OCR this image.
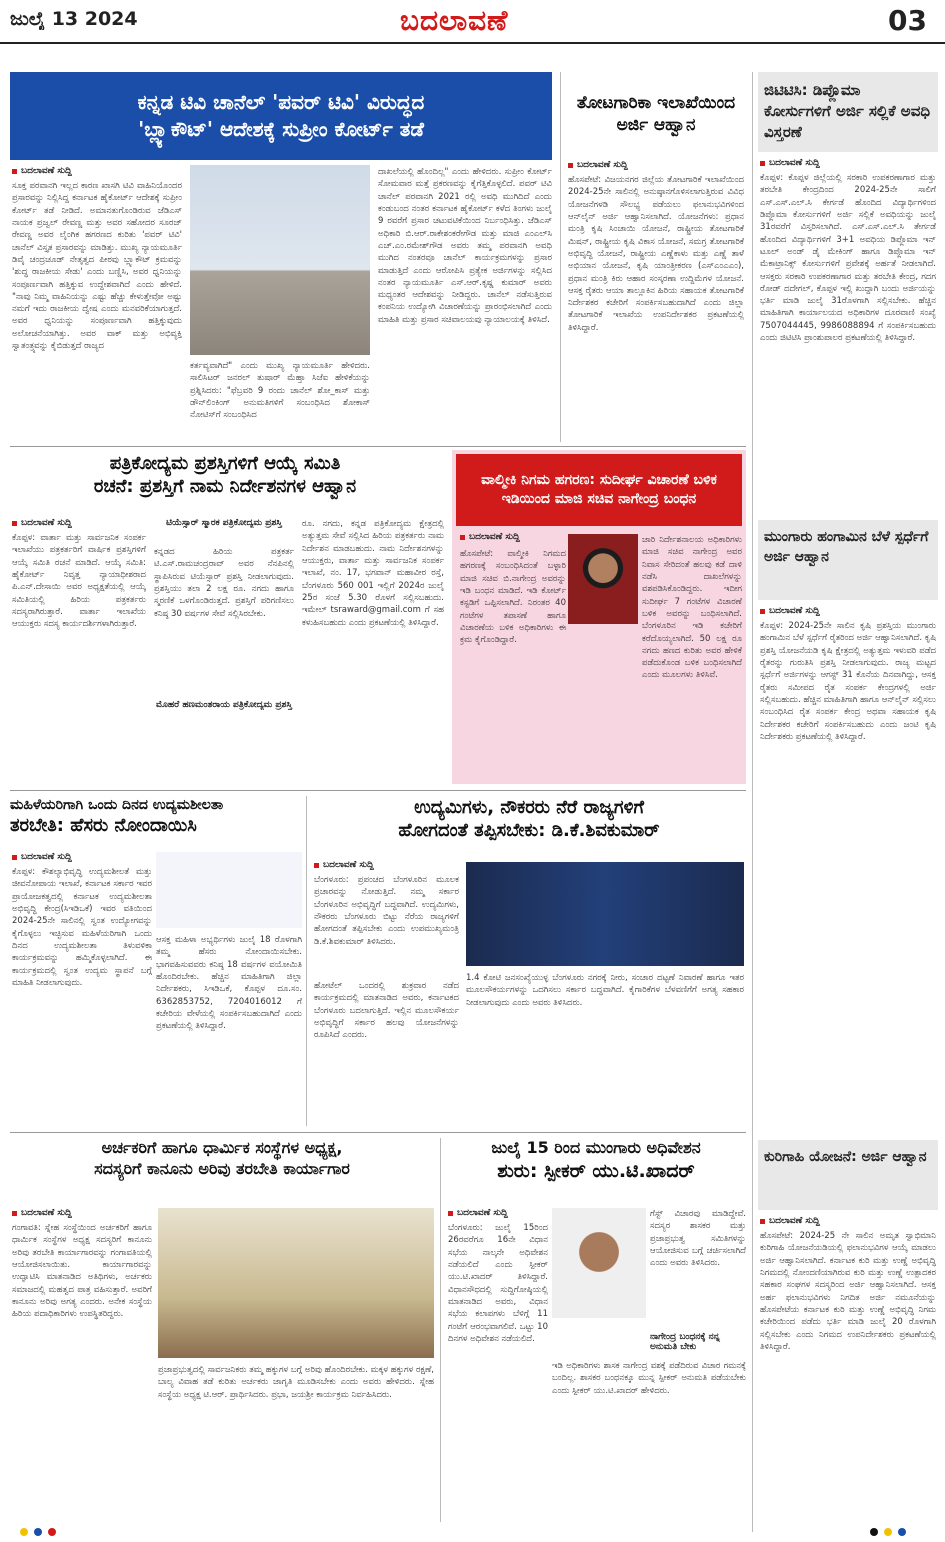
ಜುಲೈ 13 2024	ಬದಲಾವಣೆ	03
ಕನ್ನಡ ಟಿವಿ ಚಾನೆಲ್ 'ಪವರ್ ಟಿವಿ' ವಿರುದ್ಧದ
'ಬ್ಲ್ಯಾಕೌಟ್' ಆದೇಶಕ್ಕೆ ಸುಪ್ರೀಂ ಕೋರ್ಟ್ ತಡೆ
ಬದಲಾವಣೆ ಸುದ್ದಿ
ಸೂಕ್ತ ಪರವಾನಗಿ ಇಲ್ಲದ ಕಾರಣ ಖಾಸಗಿ ಟಿವಿ ವಾಹಿನಿಯೊಂದರ ಪ್ರಸಾರವನ್ನು ನಿಲ್ಲಿಸಿದ್ದ ಕರ್ನಾಟಕ ಹೈಕೋರ್ಟ್ ಆದೇಶಕ್ಕೆ ಸುಪ್ರೀಂ ಕೋರ್ಟ್ ತಡೆ ನೀಡಿದೆ. ಅಮಾನತುಗೊಂಡಿರುವ ಜೆಡಿಎಸ್ ನಾಯಕ ಪ್ರಜ್ವಲ್ ರೇವಣ್ಣ ಮತ್ತು ಅವರ ಸಹೋದರ ಸೂರಜ್ ರೇವಣ್ಣ ಅವರ ಲೈಂಗಿಕ ಹಗರಣದ ಕುರಿತು 'ಪವರ್ ಟಿವಿ' ಚಾನೆಲ್ ವಿಸ್ತೃತ ಪ್ರಸಾರವನ್ನು ಮಾಡಿತ್ತು. ಮುಖ್ಯ ನ್ಯಾಯಮೂರ್ತಿ ಡಿವೈ ಚಂದ್ರಚೂಡ್ ನೇತೃತ್ವದ ಪೀಠವು ಬ್ಲ್ಯಾಕೌಟ್ ಕ್ರಮವನ್ನು 'ಶುದ್ಧ ರಾಜಕೀಯ ಸೇಡು' ಎಂದು ಬಣ್ಣಿಸಿ, ಅವರ ಧ್ವನಿಯನ್ನು ಸಂಪೂರ್ಣವಾಗಿ ಹತ್ತಿಕ್ಕುವ ಉದ್ದೇಶವಾಗಿದೆ ಎಂದು ಹೇಳಿದೆ. "ನಾವು ನಿಮ್ಮ ವಾಹಿನಿಯನ್ನು ಎಷ್ಟು ಹೆಚ್ಚು ಕೇಳುತ್ತೇವೋ ಅಷ್ಟು ನಮಗೆ ಇದು ರಾಜಕೀಯ ದ್ವೇಷ ಎಂದು ಮನವರಿಕೆಯಾಗುತ್ತದೆ. ಅವರ ಧ್ವನಿಯನ್ನು ಸಂಪೂರ್ಣವಾಗಿ ಹತ್ತಿಕ್ಕುವುದು ಅಲೋಚನೆಯಾಗಿತ್ತು. ಅವರ ವಾಕ್ ಮತ್ತು ಅಭಿವ್ಯಕ್ತಿ ಸ್ವಾತಂತ್ರ್ಯವನ್ನು ಕೈಬಿಡುತ್ತದೆ ರಾಜ್ಯದ
ಕರ್ತವ್ಯವಾಗಿದೆ" ಎಂದು ಮುಖ್ಯ ನ್ಯಾಯಮೂರ್ತಿ ಹೇಳಿದರು. ಸಾಲಿಸಿಟರ್ ಜನರಲ್ ತುಷಾರ್ ಮೆಹ್ತಾ ಸಿಜೆಐ ಹೇಳಿಕೆಯನ್ನು ಪ್ರಶ್ನಿಸಿದರು: "ಫೆಬ್ರವರಿ 9 ರಂದು ಚಾನೆಲ್ ಶೋ_ಕಾಸ್ ಮತ್ತು ಡೌನ್‌ಲಿಂಕಿಂಗ್ ಅನುಮತಿಗಳಿಗೆ ಸಂಬಂಧಿಸಿದ ಶೋಕಾಸ್ ನೋಟಿಸ್‌ಗೆ ಸಂಬಂಧಿಸಿದ
ದಾಖಲೆಯಲ್ಲಿ ಹೊಂದಿಲ್ಲ" ಎಂದು ಹೇಳಿದರು. ಸುಪ್ರೀಂ ಕೋರ್ಟ್ ಸೋಮವಾರ ಮತ್ತೆ ಪ್ರಕರಣವನ್ನು ಕೈಗೆತ್ತಿಕೊಳ್ಳಲಿದೆ. ಪವರ್ ಟಿವಿ ಚಾನೆಲ್ ಪರವಾನಗಿ 2021 ರಲ್ಲಿ ಅವಧಿ ಮುಗಿದಿದೆ ಎಂದು ಕಂಡುಬಂದ ನಂತರ ಕರ್ನಾಟಕ ಹೈಕೋರ್ಟ್ ಕಳೆದ ತಿಂಗಳು ಜುಲೈ 9 ರವರೆಗೆ ಪ್ರಸಾರ ಚಟುವಟಿಕೆಯಿಂದ ನಿರ್ಬಂಧಿಸಿತ್ತು. ಜೆಡಿಎಸ್ ಅಧಿಕಾರಿ ಬಿ.ಆರ್.ರಾಕೇಶಂಕರೇಗೌಡ ಮತ್ತು ಮಾಜಿ ಎಂಎಲ್‌ಸಿ ಎಚ್.ಎಂ.ರಮೇಶ್‌ಗೌಡ ಅವರು ತಮ್ಮ ಪರವಾನಗಿ ಅವಧಿ ಮುಗಿದ ನಂತರವೂ ಚಾನೆಲ್ ಕಾರ್ಯಕ್ರಮಗಳನ್ನು ಪ್ರಸಾರ ಮಾಡುತ್ತಿದೆ ಎಂದು ಆರೋಪಿಸಿ ಪ್ರತ್ಯೇಕ ಅರ್ಜಿಗಳನ್ನು ಸಲ್ಲಿಸಿದ ನಂತರ ನ್ಯಾಯಮೂರ್ತಿ ಎಸ್.ಆರ್.ಕೃಷ್ಣ ಕುಮಾರ್ ಅವರು ಮಧ್ಯಂತರ ಆದೇಶವನ್ನು ನೀಡಿದ್ದರು. ಚಾನೆಲ್ ನಡೆಸುತ್ತಿರುವ ಕಂಪನಿಯ ಉದ್ಯೋಗಿ ವಿಚಾರಣೆಯನ್ನು ಪ್ರಾರಂಭಿಸಲಾಗಿದೆ ಎಂದು ಮಾಹಿತಿ ಮತ್ತು ಪ್ರಸಾರ ಸಚಿವಾಲಯವು ನ್ಯಾಯಾಲಯಕ್ಕೆ ತಿಳಿಸಿದೆ.
ತೋಟಗಾರಿಕಾ ಇಲಾಖೆಯಿಂದ ಅರ್ಜಿ ಆಹ್ವಾನ
ಬದಲಾವಣೆ ಸುದ್ದಿ
ಹೊಸಪೇಟೆ: ವಿಜಯನಗರ ಜಿಲ್ಲೆಯ ತೋಟಗಾರಿಕೆ ಇಲಾಖೆಯಿಂದ 2024-25ನೇ ಸಾಲಿನಲ್ಲಿ ಅನುಷ್ಠಾನಗೊಳಿಸಲಾಗುತ್ತಿರುವ ವಿವಿಧ ಯೋಜನೆಗಳಡಿ ಸೌಲಭ್ಯ ಪಡೆಯಲು ಫಲಾನುಭವಿಗಳಿಂದ ಆನ್‌ಲೈನ್ ಅರ್ಜಿ ಆಹ್ವಾನಿಸಲಾಗಿದೆ. ಯೋಜನೆಗಳು: ಪ್ರಧಾನ ಮಂತ್ರಿ ಕೃಷಿ ಸಿಂಚಾಯಿ ಯೋಜನೆ, ರಾಷ್ಟ್ರೀಯ ತೋಟಗಾರಿಕೆ ಮಿಷನ್, ರಾಷ್ಟ್ರೀಯ ಕೃಷಿ ವಿಕಾಸ ಯೋಜನೆ, ಸಮಗ್ರ ತೋಟಗಾರಿಕೆ ಅಭಿವೃದ್ಧಿ ಯೋಜನೆ, ರಾಷ್ಟ್ರೀಯ ಎಣ್ಣೆಕಾಳು ಮತ್ತು ಎಣ್ಣೆ ತಾಳೆ ಅಭಿಯಾನ ಯೋಜನೆ, ಕೃಷಿ ಯಾಂತ್ರೀಕರಣ (ಎಸ್‌ಎಂಎಎಂ), ಪ್ರಧಾನ ಮಂತ್ರಿ ಕಿರು ಆಹಾರ ಸಂಸ್ಕರಣಾ ಉದ್ದಿಮೆಗಳ ಯೋಜನೆ. ಆಸಕ್ತ ರೈತರು ಆಯಾ ತಾಲ್ಲೂಕಿನ ಹಿರಿಯ ಸಹಾಯಕ ತೋಟಗಾರಿಕೆ ನಿರ್ದೇಶಕರ ಕಚೇರಿಗೆ ಸಂಪರ್ಕಿಸಬಹುದಾಗಿದೆ ಎಂದು ಜಿಲ್ಲಾ ತೋಟಗಾರಿಕೆ ಇಲಾಖೆಯ ಉಪನಿರ್ದೇಶಕರ ಪ್ರಕಟಣೆಯಲ್ಲಿ ತಿಳಿಸಿದ್ದಾರೆ.
ಜಿಟಿಟಿಸಿ: ಡಿಪ್ಲೊಮಾ ಕೋರ್ಸುಗಳಿಗೆ ಅರ್ಜಿ ಸಲ್ಲಿಕೆ ಅವಧಿ ವಿಸ್ತರಣೆ
ಬದಲಾವಣೆ ಸುದ್ದಿ
ಕೊಪ್ಪಳ: ಕೊಪ್ಪಳ ಜಿಲ್ಲೆಯಲ್ಲಿ ಸರಕಾರಿ ಉಪಕರಣಾಗಾರ ಮತ್ತು ತರಬೇತಿ ಕೇಂದ್ರದಿಂದ 2024-25ನೇ ಸಾಲಿಗೆ ಎಸ್.ಎಸ್.ಎಲ್.ಸಿ ಕೇರ್ಗಡೆ ಹೊಂದಿದ ವಿದ್ಯಾರ್ಥಿಗಳಿಂದ ಡಿಪ್ಲೊಮಾ ಕೋರ್ಸುಗಳಿಗೆ ಅರ್ಜಿ ಸಲ್ಲಿಕೆ ಅವಧಿಯನ್ನು ಜುಲೈ 31ರವರೆಗೆ ವಿಸ್ತರಿಸಲಾಗಿದೆ. ಎಸ್.ಎಸ್.ಎಲ್.ಸಿ ತೇರ್ಗಡೆ ಹೊಂದಿದ ವಿದ್ಯಾರ್ಥಿಗಳಿಗೆ 3+1 ಅವಧಿಯ ಡಿಪ್ಲೊಮಾ ಇನ್ ಟೂಲ್ ಅಂಡ್ ಡೈ ಮೇಕಿಂಗ್ ಹಾಗೂ ಡಿಪ್ಲೊಮಾ ಇನ್ ಮೆಕಾಟ್ರಾನಿಕ್ಸ್ ಕೋರ್ಸುಗಳಿಗೆ ಪ್ರವೇಶಕ್ಕೆ ಅರ್ಹತೆ ನೀಡಲಾಗಿದೆ. ಆಸಕ್ತರು ಸರಕಾರಿ ಉಪಕರಣಾಗಾರ ಮತ್ತು ತರಬೇತಿ ಕೇಂದ್ರ, ಗದಗ ರೋಡ್ ದದೇಗಲ್, ಕೊಪ್ಪಳ ಇಲ್ಲಿ ಖುದ್ದಾಗಿ ಬಂದು ಅರ್ಜಿಯನ್ನು ಭರ್ತಿ ಮಾಡಿ ಜುಲೈ 31ರೊಳಗಾಗಿ ಸಲ್ಲಿಸಬೇಕು. ಹೆಚ್ಚಿನ ಮಾಹಿತಿಗಾಗಿ ಕಾರ್ಯಾಲಯದ ಅಧಿಕಾರಿಗಳ ದೂರವಾಣಿ ಸಂಖ್ಯೆ 7507044445, 9986088894 ಗೆ ಸಂಪರ್ಕಿಸಬಹುದು ಎಂದು ಜಿಟಿಟಿಸಿ ಪ್ರಾಂಶುಪಾಲರ ಪ್ರಕಟಣೆಯಲ್ಲಿ ತಿಳಿಸಿದ್ದಾರೆ.
ಪತ್ರಿಕೋದ್ಯಮ ಪ್ರಶಸ್ತಿಗಳಿಗೆ ಆಯ್ಕೆ ಸಮಿತಿ
ರಚನೆ: ಪ್ರಶಸ್ತಿಗೆ ನಾಮ ನಿರ್ದೇಶನಗಳ ಆಹ್ವಾನ
ಬದಲಾವಣೆ ಸುದ್ದಿ
ಕೊಪ್ಪಳ: ವಾರ್ತಾ ಮತ್ತು ಸಾರ್ವಜನಿಕ ಸಂಪರ್ಕ ಇಲಾಖೆಯು ಪತ್ರಕರ್ತರಿಗೆ ವಾರ್ಷಿಕ ಪ್ರಶಸ್ತಿಗಳಿಗೆ ಆಯ್ಕೆ ಸಮಿತಿ ರಚನೆ ಮಾಡಿದೆ. ಆಯ್ಕೆ ಸಮಿತಿ: ಹೈಕೋರ್ಟ್ ನಿವೃತ್ತ ನ್ಯಾಯಾಧೀಶರಾದ ಪಿ.ಎನ್.ದೇಸಾಯಿ ಅವರ ಅಧ್ಯಕ್ಷತೆಯಲ್ಲಿ ಆಯ್ಕೆ ಸಮಿತಿಯಲ್ಲಿ ಹಿರಿಯ ಪತ್ರಕರ್ತರು ಸದಸ್ಯರಾಗಿರುತ್ತಾರೆ. ವಾರ್ತಾ ಇಲಾಖೆಯ ಆಯುಕ್ತರು ಸದಸ್ಯ ಕಾರ್ಯದರ್ಶಿಗಳಾಗಿರುತ್ತಾರೆ.
ಟಿಯೆಸ್ಸಾರ್ ಸ್ಮಾರಕ ಪತ್ರಿಕೋದ್ಯಮ ಪ್ರಶಸ್ತಿ
ಕನ್ನಡದ ಹಿರಿಯ ಪತ್ರಕರ್ತ ಟಿ.ಎಸ್.ರಾಮಚಂದ್ರರಾವ್ ಅವರ ನೆನಪಿನಲ್ಲಿ ಸ್ಥಾಪಿಸಿರುವ ಟಿಯೆಸ್ಸಾರ್ ಪ್ರಶಸ್ತಿ ನೀಡಲಾಗುವುದು. ಪ್ರಶಸ್ತಿಯು ತಲಾ 2 ಲಕ್ಷ ರೂ. ನಗದು ಹಾಗೂ ಸ್ಮರಣಿಕೆ ಒಳಗೊಂಡಿರುತ್ತದೆ. ಪ್ರಶಸ್ತಿಗೆ ಪರಿಗಣಿಸಲು ಕನಿಷ್ಠ 30 ವರ್ಷಗಳ ಸೇವೆ ಸಲ್ಲಿಸಿರಬೇಕು.
ಮೊಹರೆ ಹಣಮಂತರಾಯ ಪತ್ರಿಕೋದ್ಯಮ ಪ್ರಶಸ್ತಿ
ರೂ. ನಗದು, ಕನ್ನಡ ಪತ್ರಿಕೋದ್ಯಮ ಕ್ಷೇತ್ರದಲ್ಲಿ ಅತ್ಯುತ್ತಮ ಸೇವೆ ಸಲ್ಲಿಸಿದ ಹಿರಿಯ ಪತ್ರಕರ್ತರು ನಾಮ ನಿರ್ದೇಶನ ಮಾಡಬಹುದು. ನಾಮ ನಿರ್ದೇಶನಗಳನ್ನು ಆಯುಕ್ತರು, ವಾರ್ತಾ ಮತ್ತು ಸಾರ್ವಜನಿಕ ಸಂಪರ್ಕ ಇಲಾಖೆ, ನಂ. 17, ಭಗವಾನ್ ಮಹಾವೀರ ರಸ್ತೆ, ಬೆಂಗಳೂರು 560 001 ಇಲ್ಲಿಗೆ 2024ರ ಜುಲೈ 25ರ ಸಂಜೆ 5.30 ರೊಳಗೆ ಸಲ್ಲಿಸಬಹುದು. ಇಮೇಲ್ tsraward@gmail.com ಗೆ ಸಹ ಕಳುಹಿಸಬಹುದು ಎಂದು ಪ್ರಕಟಣೆಯಲ್ಲಿ ತಿಳಿಸಿದ್ದಾರೆ.
ವಾಲ್ಮೀಕಿ ನಿಗಮ ಹಗರಣ: ಸುದೀರ್ಘ ವಿಚಾರಣೆ ಬಳಿಕ ಇಡಿಯಿಂದ ಮಾಜಿ ಸಚಿವ ನಾಗೇಂದ್ರ ಬಂಧನ
ಬದಲಾವಣೆ ಸುದ್ದಿ
ಹೊಸಪೇಟೆ: ವಾಲ್ಮೀಕಿ ನಿಗಮದ ಹಗರಣಕ್ಕೆ ಸಂಬಂಧಿಸಿದಂತೆ ಬಳ್ಳಾರಿ ಮಾಜಿ ಸಚಿವ ಬಿ.ನಾಗೇಂದ್ರ ಅವರನ್ನು ಇಡಿ ಬಂಧನ ಮಾಡಿದೆ. ಇಡಿ ಕೋರ್ಟ್ ಕಸ್ಟಡಿಗೆ ಒಪ್ಪಿಸಲಾಗಿದೆ. ನಿರಂತರ 40 ಗಂಟೆಗಳ ತಪಾಸಣೆ ಹಾಗೂ ವಿಚಾರಣೆಯ ಬಳಿಕ ಅಧಿಕಾರಿಗಳು ಈ ಕ್ರಮ ಕೈಗೊಂಡಿದ್ದಾರೆ.
ಜಾರಿ ನಿರ್ದೇಶನಾಲಯ ಅಧಿಕಾರಿಗಳು ಮಾಜಿ ಸಚಿವ ನಾಗೇಂದ್ರ ಅವರ ನಿವಾಸ ಸೇರಿದಂತೆ ಹಲವು ಕಡೆ ದಾಳಿ ನಡೆಸಿ ದಾಖಲೆಗಳನ್ನು ವಶಪಡಿಸಿಕೊಂಡಿದ್ದರು. ಇದೀಗ ಸುದೀರ್ಘ 7 ಗಂಟೆಗಳ ವಿಚಾರಣೆ ಬಳಿಕ ಅವರನ್ನು ಬಂಧಿಸಲಾಗಿದೆ. ಬೆಂಗಳೂರಿನ ಇಡಿ ಕಚೇರಿಗೆ ಕರೆದೊಯ್ಯಲಾಗಿದೆ. 50 ಲಕ್ಷ ರೂ ನಗದು ಹಣದ ಕುರಿತು ಅವರ ಹೇಳಿಕೆ ಪಡೆದುಕೊಂಡ ಬಳಿಕ ಬಂಧಿಸಲಾಗಿದೆ ಎಂದು ಮೂಲಗಳು ತಿಳಿಸಿವೆ.
ಮುಂಗಾರು ಹಂಗಾಮಿನ ಬೆಳೆ ಸ್ಪರ್ಧೆಗೆ ಅರ್ಜಿ ಆಹ್ವಾನ
ಬದಲಾವಣೆ ಸುದ್ದಿ
ಕೊಪ್ಪಳ: 2024-25ನೇ ಸಾಲಿನ ಕೃಷಿ ಪ್ರಶಸ್ತಿಯ ಮುಂಗಾರು ಹಂಗಾಮಿನ ಬೆಳೆ ಸ್ಪರ್ಧೆಗೆ ರೈತರಿಂದ ಅರ್ಜಿ ಆಹ್ವಾನಿಸಲಾಗಿದೆ. ಕೃಷಿ ಪ್ರಶಸ್ತಿ ಯೋಜನೆಯಡಿ ಕೃಷಿ ಕ್ಷೇತ್ರದಲ್ಲಿ ಅತ್ಯುತ್ತಮ ಇಳುವರಿ ಪಡೆದ ರೈತರನ್ನು ಗುರುತಿಸಿ ಪ್ರಶಸ್ತಿ ನೀಡಲಾಗುವುದು. ರಾಜ್ಯ ಮಟ್ಟದ ಸ್ಪರ್ಧೆಗೆ ಅರ್ಜಿಗಳನ್ನು ಆಗಸ್ಟ್ 31 ಕೊನೆಯ ದಿನವಾಗಿದ್ದು, ಆಸಕ್ತ ರೈತರು ಸಮೀಪದ ರೈತ ಸಂಪರ್ಕ ಕೇಂದ್ರಗಳಲ್ಲಿ ಅರ್ಜಿ ಸಲ್ಲಿಸಬಹುದು. ಹೆಚ್ಚಿನ ಮಾಹಿತಿಗಾಗಿ ಹಾಗೂ ಆನ್‌ಲೈನ್ ಸಲ್ಲಿಸಲು ಸಂಬಂಧಿಸಿದ ರೈತ ಸಂಪರ್ಕ ಕೇಂದ್ರ ಅಥವಾ ಸಹಾಯಕ ಕೃಷಿ ನಿರ್ದೇಶಕರ ಕಚೇರಿಗೆ ಸಂಪರ್ಕಿಸಬಹುದು ಎಂದು ಜಂಟಿ ಕೃಷಿ ನಿರ್ದೇಶಕರು ಪ್ರಕಟಣೆಯಲ್ಲಿ ತಿಳಿಸಿದ್ದಾರೆ.
ಮಹಿಳೆಯರಿಗಾಗಿ ಒಂದು ದಿನದ ಉದ್ಯಮಶೀಲತಾ
ತರಬೇತಿ: ಹೆಸರು ನೋಂದಾಯಿಸಿ
ಬದಲಾವಣೆ ಸುದ್ದಿ
ಕೊಪ್ಪಳ: ಕೌಶಲ್ಯಾಭಿವೃದ್ಧಿ ಉದ್ಯಮಶೀಲತೆ ಮತ್ತು ಜೀವನೋಪಾಯ ಇಲಾಖೆ, ಕರ್ನಾಟಕ ಸರ್ಕಾರ ಇವರ ಪ್ರಾಯೋಜಕತ್ವದಲ್ಲಿ ಕರ್ನಾಟಕ ಉದ್ಯಮಶೀಲತಾ ಅಭಿವೃದ್ಧಿ ಕೇಂದ್ರ(ಸಿಇಡಿಒಕೆ) ಇವರ ವತಿಯಿಂದ 2024-25ನೇ ಸಾಲಿನಲ್ಲಿ ಸ್ವಂತ ಉದ್ಯೋಗವನ್ನು ಕೈಗೊಳ್ಳಲು ಇಚ್ಛಿಸುವ ಮಹಿಳೆಯರಿಗಾಗಿ ಒಂದು ದಿನದ ಉದ್ಯಮಶೀಲತಾ ತಿಳುವಳಿಕಾ ಕಾರ್ಯಕ್ರಮವನ್ನು ಹಮ್ಮಿಕೊಳ್ಳಲಾಗಿದೆ. ಈ ಕಾರ್ಯಕ್ರಮದಲ್ಲಿ ಸ್ವಂತ ಉದ್ಯಮ ಸ್ಥಾಪನೆ ಬಗ್ಗೆ ಮಾಹಿತಿ ನೀಡಲಾಗುವುದು.
ಆಸಕ್ತ ಮಹಿಳಾ ಅಭ್ಯರ್ಥಿಗಳು ಜುಲೈ 18 ರೊಳಗಾಗಿ ತಮ್ಮ ಹೆಸರು ನೋಂದಾಯಿಸಬೇಕು. ಭಾಗವಹಿಸುವವರು ಕನಿಷ್ಠ 18 ವರ್ಷಗಳ ವಯೋಮಿತಿ ಹೊಂದಿರಬೇಕು. ಹೆಚ್ಚಿನ ಮಾಹಿತಿಗಾಗಿ ಜಿಲ್ಲಾ ನಿರ್ದೇಶಕರು, ಸಿಇಡಿಒಕೆ, ಕೊಪ್ಪಳ ದೂ.ಸಂ. 6362853752, 7204016012 ಗೆ ಕಚೇರಿಯ ವೇಳೆಯಲ್ಲಿ ಸಂಪರ್ಕಿಸಬಹುದಾಗಿದೆ ಎಂದು ಪ್ರಕಟಣೆಯಲ್ಲಿ ತಿಳಿಸಿದ್ದಾರೆ.
ಉದ್ಯಮಿಗಳು, ನೌಕರರು ನೆರೆ ರಾಜ್ಯಗಳಿಗೆ
ಹೋಗದಂತೆ ತಪ್ಪಿಸಬೇಕು: ಡಿ.ಕೆ.ಶಿವಕುಮಾರ್
ಬದಲಾವಣೆ ಸುದ್ದಿ
ಬೆಂಗಳೂರು: ಪ್ರಪಂಚದ ಬೆಂಗಳೂರಿನ ಮೂಲಕ ಪ್ರಚಾರವನ್ನು ನೋಡುತ್ತಿದೆ. ನಮ್ಮ ಸರ್ಕಾರ ಬೆಂಗಳೂರಿನ ಅಭಿವೃದ್ಧಿಗೆ ಬದ್ಧವಾಗಿದೆ. ಉದ್ಯಮಿಗಳು, ನೌಕರರು ಬೆಂಗಳೂರು ಬಿಟ್ಟು ನೆರೆಯ ರಾಜ್ಯಗಳಿಗೆ ಹೋಗದಂತೆ ತಪ್ಪಿಸಬೇಕು ಎಂದು ಉಪಮುಖ್ಯಮಂತ್ರಿ ಡಿ.ಕೆ.ಶಿವಕುಮಾರ್ ತಿಳಿಸಿದರು.
ಹೋಟೆಲ್ ಒಂದರಲ್ಲಿ ಶುಕ್ರವಾರ ನಡೆದ ಕಾರ್ಯಕ್ರಮದಲ್ಲಿ ಮಾತನಾಡಿದ ಅವರು, ಕರ್ನಾಟಕದ ಬೆಂಗಳೂರು ಬದಲಾಗುತ್ತಿದೆ. ಇಲ್ಲಿನ ಮೂಲಸೌಕರ್ಯ ಅಭಿವೃದ್ಧಿಗೆ ಸರ್ಕಾರ ಹಲವು ಯೋಜನೆಗಳನ್ನು ರೂಪಿಸಿದೆ ಎಂದರು.
1.4 ಕೋಟಿ ಜನಸಂಖ್ಯೆಯುಳ್ಳ ಬೆಂಗಳೂರು ನಗರಕ್ಕೆ ನೀರು, ಸಂಚಾರ ದಟ್ಟಣೆ ನಿವಾರಣೆ ಹಾಗೂ ಇತರ ಮೂಲಸೌಕರ್ಯಗಳನ್ನು ಒದಗಿಸಲು ಸರ್ಕಾರ ಬದ್ಧವಾಗಿದೆ. ಕೈಗಾರಿಕೆಗಳ ಬೆಳವಣಿಗೆಗೆ ಅಗತ್ಯ ಸಹಕಾರ ನೀಡಲಾಗುವುದು ಎಂದು ಅವರು ತಿಳಿಸಿದರು.
ಕುರಿಗಾಹಿ ಯೋಜನೆ: ಅರ್ಜಿ ಆಹ್ವಾನ
ಬದಲಾವಣೆ ಸುದ್ದಿ
ಹೊಸಪೇಟೆ: 2024-25 ನೇ ಸಾಲಿನ ಅಮೃತ ಸ್ವಾಭಿಮಾನಿ ಕುರಿಗಾಹಿ ಯೋಜನೆಯಡಿಯಲ್ಲಿ ಫಲಾನುಭವಿಗಳ ಆಯ್ಕೆ ಮಾಡಲು ಅರ್ಜಿ ಆಹ್ವಾನಿಸಲಾಗಿದೆ. ಕರ್ನಾಟಕ ಕುರಿ ಮತ್ತು ಉಣ್ಣೆ ಅಭಿವೃದ್ಧಿ ನಿಗಮದಲ್ಲಿ ನೋಂದಣಿಯಾಗಿರುವ ಕುರಿ ಮತ್ತು ಉಣ್ಣೆ ಉತ್ಪಾದಕರ ಸಹಕಾರ ಸಂಘಗಳ ಸದಸ್ಯರಿಂದ ಅರ್ಜಿ ಆಹ್ವಾನಿಸಲಾಗಿದೆ. ಆಸಕ್ತ ಅರ್ಹ ಫಲಾನುಭವಿಗಳು ನಿಗದಿತ ಅರ್ಜಿ ನಮೂನೆಯನ್ನು ಹೊಸಪೇಟೆಯ ಕರ್ನಾಟಕ ಕುರಿ ಮತ್ತು ಉಣ್ಣೆ ಅಭಿವೃದ್ಧಿ ನಿಗಮ ಕಚೇರಿಯಿಂದ ಪಡೆದು ಭರ್ತಿ ಮಾಡಿ ಜುಲೈ 20 ರೊಳಗಾಗಿ ಸಲ್ಲಿಸಬೇಕು ಎಂದು ನಿಗಮದ ಉಪನಿರ್ದೇಶಕರು ಪ್ರಕಟಣೆಯಲ್ಲಿ ತಿಳಿಸಿದ್ದಾರೆ.
ಅರ್ಚಕರಿಗೆ ಹಾಗೂ ಧಾರ್ಮಿಕ ಸಂಸ್ಥೆಗಳ ಅಧ್ಯಕ್ಷ,
ಸದಸ್ಯರಿಗೆ ಕಾನೂನು ಅರಿವು ತರಬೇತಿ ಕಾರ್ಯಾಗಾರ
ಬದಲಾವಣೆ ಸುದ್ದಿ
ಗಂಗಾವತಿ: ಸ್ನೇಹ ಸಂಸ್ಥೆಯಿಂದ ಅರ್ಚಕರಿಗೆ ಹಾಗೂ ಧಾರ್ಮಿಕ ಸಂಸ್ಥೆಗಳ ಅಧ್ಯಕ್ಷ ಸದಸ್ಯರಿಗೆ ಕಾನೂನು ಅರಿವು ತರಬೇತಿ ಕಾರ್ಯಾಗಾರವನ್ನು ಗಂಗಾವತಿಯಲ್ಲಿ ಆಯೋಜಿಸಲಾಯಿತು. ಕಾರ್ಯಾಗಾರವನ್ನು ಉದ್ಘಾಟಿಸಿ ಮಾತನಾಡಿದ ಅತಿಥಿಗಳು, ಅರ್ಚಕರು ಸಮಾಜದಲ್ಲಿ ಮಹತ್ವದ ಪಾತ್ರ ವಹಿಸುತ್ತಾರೆ. ಅವರಿಗೆ ಕಾನೂನು ಅರಿವು ಅಗತ್ಯ ಎಂದರು. ಅನೇಕ ಸಂಸ್ಥೆಯ ಹಿರಿಯ ಪದಾಧಿಕಾರಿಗಳು ಉಪಸ್ಥಿತರಿದ್ದರು.
ಪ್ರಜಾಪ್ರಭುತ್ವದಲ್ಲಿ ಸಾರ್ವಜನಿಕರು ತಮ್ಮ ಹಕ್ಕುಗಳ ಬಗ್ಗೆ ಅರಿವು ಹೊಂದಿರಬೇಕು. ಮಕ್ಕಳ ಹಕ್ಕುಗಳ ರಕ್ಷಣೆ, ಬಾಲ್ಯ ವಿವಾಹ ತಡೆ ಕುರಿತು ಅರ್ಚಕರು ಜಾಗೃತಿ ಮೂಡಿಸಬೇಕು ಎಂದು ಅವರು ಹೇಳಿದರು. ಸ್ನೇಹ ಸಂಸ್ಥೆಯ ಅಧ್ಯಕ್ಷ ಟಿ.ಆರ್. ಪ್ರಾರ್ಥಿಸಿದರು. ಪ್ರಭಾ, ಜಯಶ್ರೀ ಕಾರ್ಯಕ್ರಮ ನಿರ್ವಹಿಸಿದರು.
ಜುಲೈ 15 ರಿಂದ ಮುಂಗಾರು ಅಧಿವೇಶನ
ಶುರು: ಸ್ಪೀಕರ್ ಯು.ಟಿ.ಖಾದರ್
ಬದಲಾವಣೆ ಸುದ್ದಿ
ಬೆಂಗಳೂರು: ಜುಲೈ 15ರಿಂದ 26ರವರೆಗೂ 16ನೇ ವಿಧಾನ ಸಭೆಯ ನಾಲ್ಕನೇ ಅಧಿವೇಶನ ನಡೆಯಲಿದೆ ಎಂದು ಸ್ಪೀಕರ್ ಯು.ಟಿ.ಖಾದರ್ ತಿಳಿಸಿದ್ದಾರೆ. ವಿಧಾನಸೌಧದಲ್ಲಿ ಸುದ್ದಿಗೋಷ್ಠಿಯಲ್ಲಿ ಮಾತನಾಡಿದ ಅವರು, ವಿಧಾನ ಸಭೆಯ ಕಲಾಪಗಳು ಬೆಳಿಗ್ಗೆ 11 ಗಂಟೆಗೆ ಆರಂಭವಾಗಲಿವೆ. ಒಟ್ಟು 10 ದಿನಗಳ ಅಧಿವೇಶನ ನಡೆಯಲಿದೆ.
ಗೆಸ್ಟ್ ವಿಚಾರವು ಮಾಡಿದ್ದೇವೆ. ಸದಸ್ಯರ ಶಾಸಕರ ಮತ್ತು ಪ್ರಜಾಪ್ರಭುತ್ವ ಸಮಿತಿಗಳನ್ನು ಆಯೋಜಿಸುವ ಬಗ್ಗೆ ಚರ್ಚಿಸಲಾಗಿದೆ ಎಂದು ಅವರು ತಿಳಿಸಿದರು.
ನಾಗೇಂದ್ರ ಬಂಧನಕ್ಕೆ ನನ್ನ ಅನುಮತಿ ಬೇಕು
ಇಡಿ ಅಧಿಕಾರಿಗಳು ಶಾಸಕ ನಾಗೇಂದ್ರ ವಶಕ್ಕೆ ಪಡೆದಿರುವ ವಿಚಾರ ಗಮನಕ್ಕೆ ಬಂದಿಲ್ಲ. ಶಾಸಕರ ಬಂಧನಕ್ಕೂ ಮುನ್ನ ಸ್ಪೀಕರ್ ಅನುಮತಿ ಪಡೆಯಬೇಕು ಎಂದು ಸ್ಪೀಕರ್ ಯು.ಟಿ.ಖಾದರ್ ಹೇಳಿದರು.
